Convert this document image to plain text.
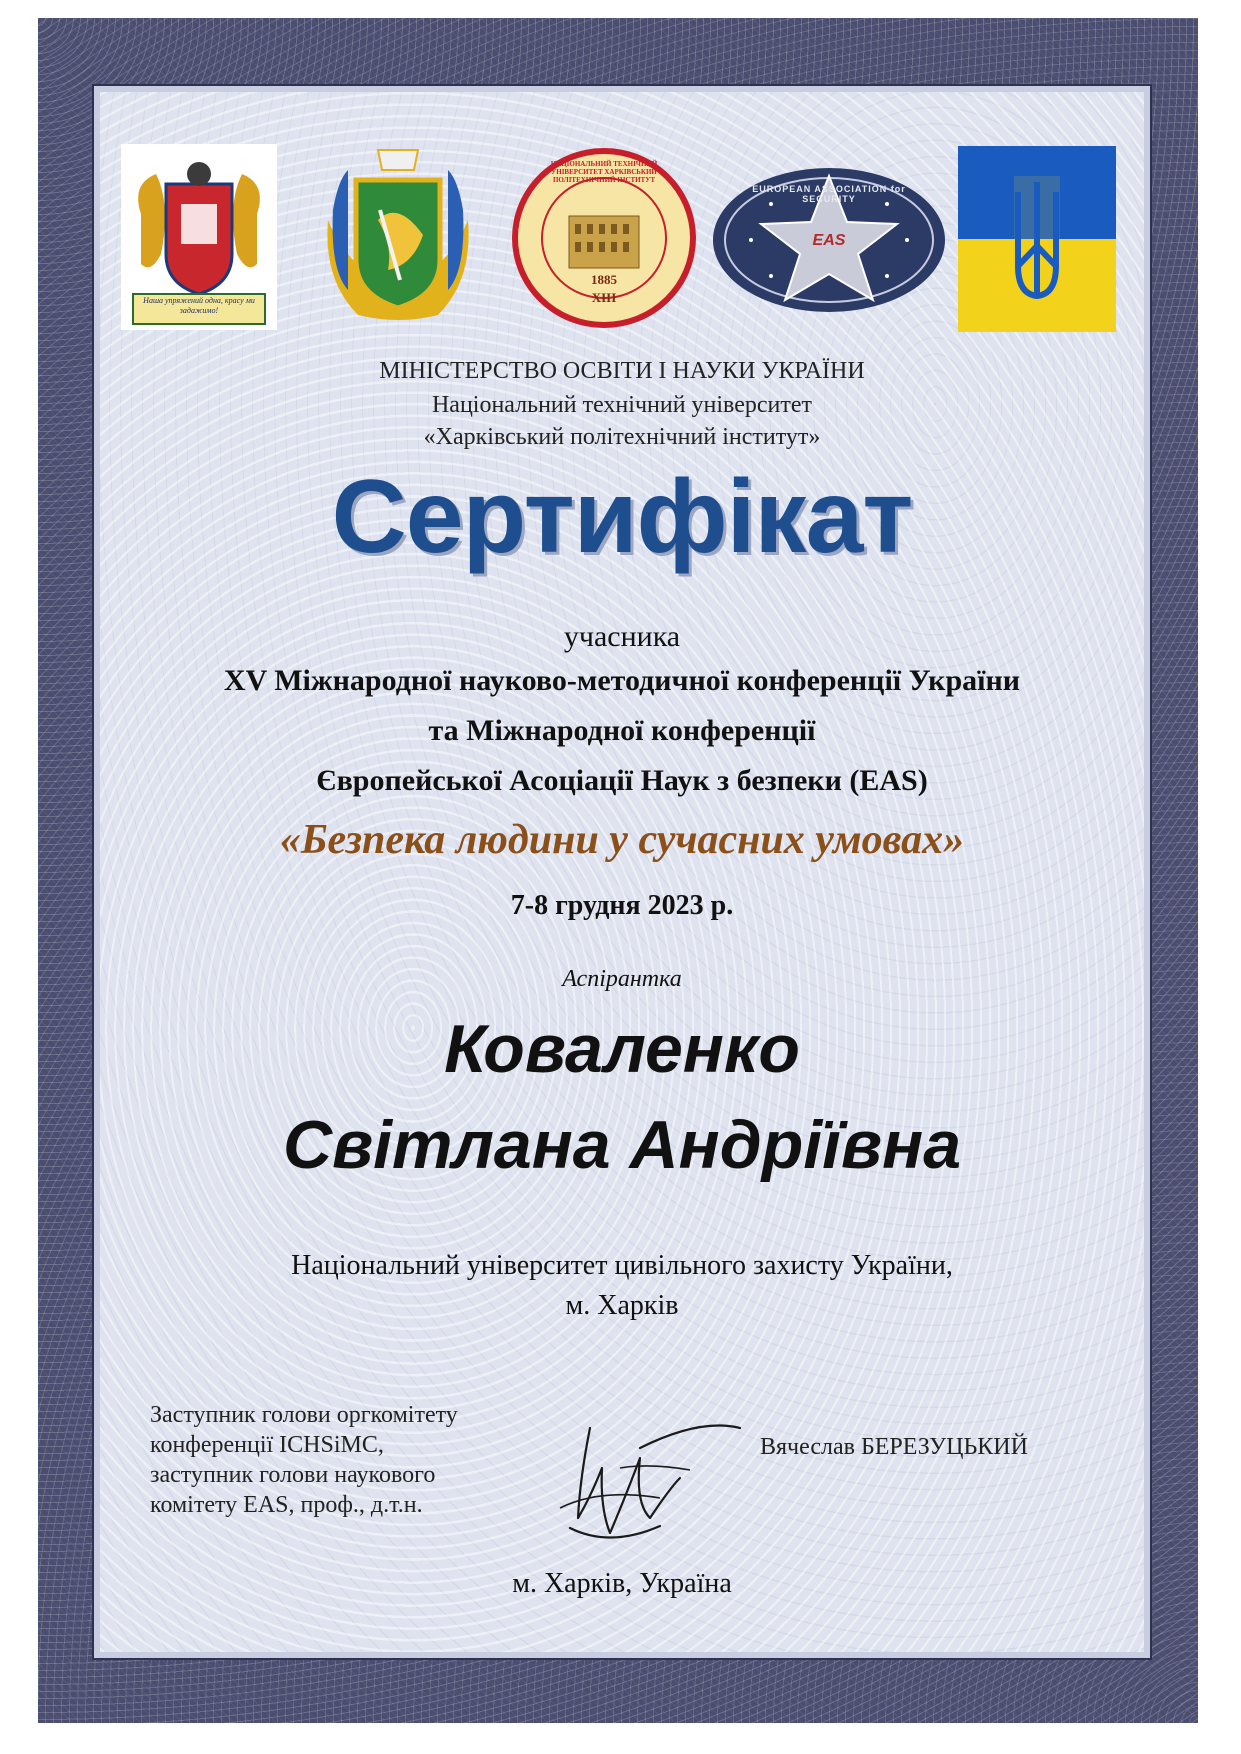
Наша упряжений одна, красу ми задажимо!
НАЦІОНАЛЬНИЙ ТЕХНІЧНИЙ УНІВЕРСИТЕТ ХАРКІВСЬКИЙ ПОЛІТЕХНІЧНИЙ ІНСТИТУТ
1885
XIII
EUROPEAN ASSOCIATION for SECURITY
EAS
МІНІСТЕРСТВО ОСВІТИ І НАУКИ УКРАЇНИ
Національний технічний університет
«Харківський політехнічний інститут»
Сертифікат
учасника
XV Міжнародної науково-методичної конференції України
та Міжнародної конференції
Європейської Асоціації Наук з безпеки (EAS)
«Безпека людини у сучасних умовах»
7-8 грудня 2023 р.
Аспірантка
Коваленко
Світлана Андріївна
Національний університет цивільного захисту України,
м. Харків
Заступник голови оргкомітету
конференції ICHSiMC,
заступник голови наукового
комітету EAS, проф., д.т.н.
Вячеслав БЕРЕЗУЦЬКИЙ
м. Харків, Україна
